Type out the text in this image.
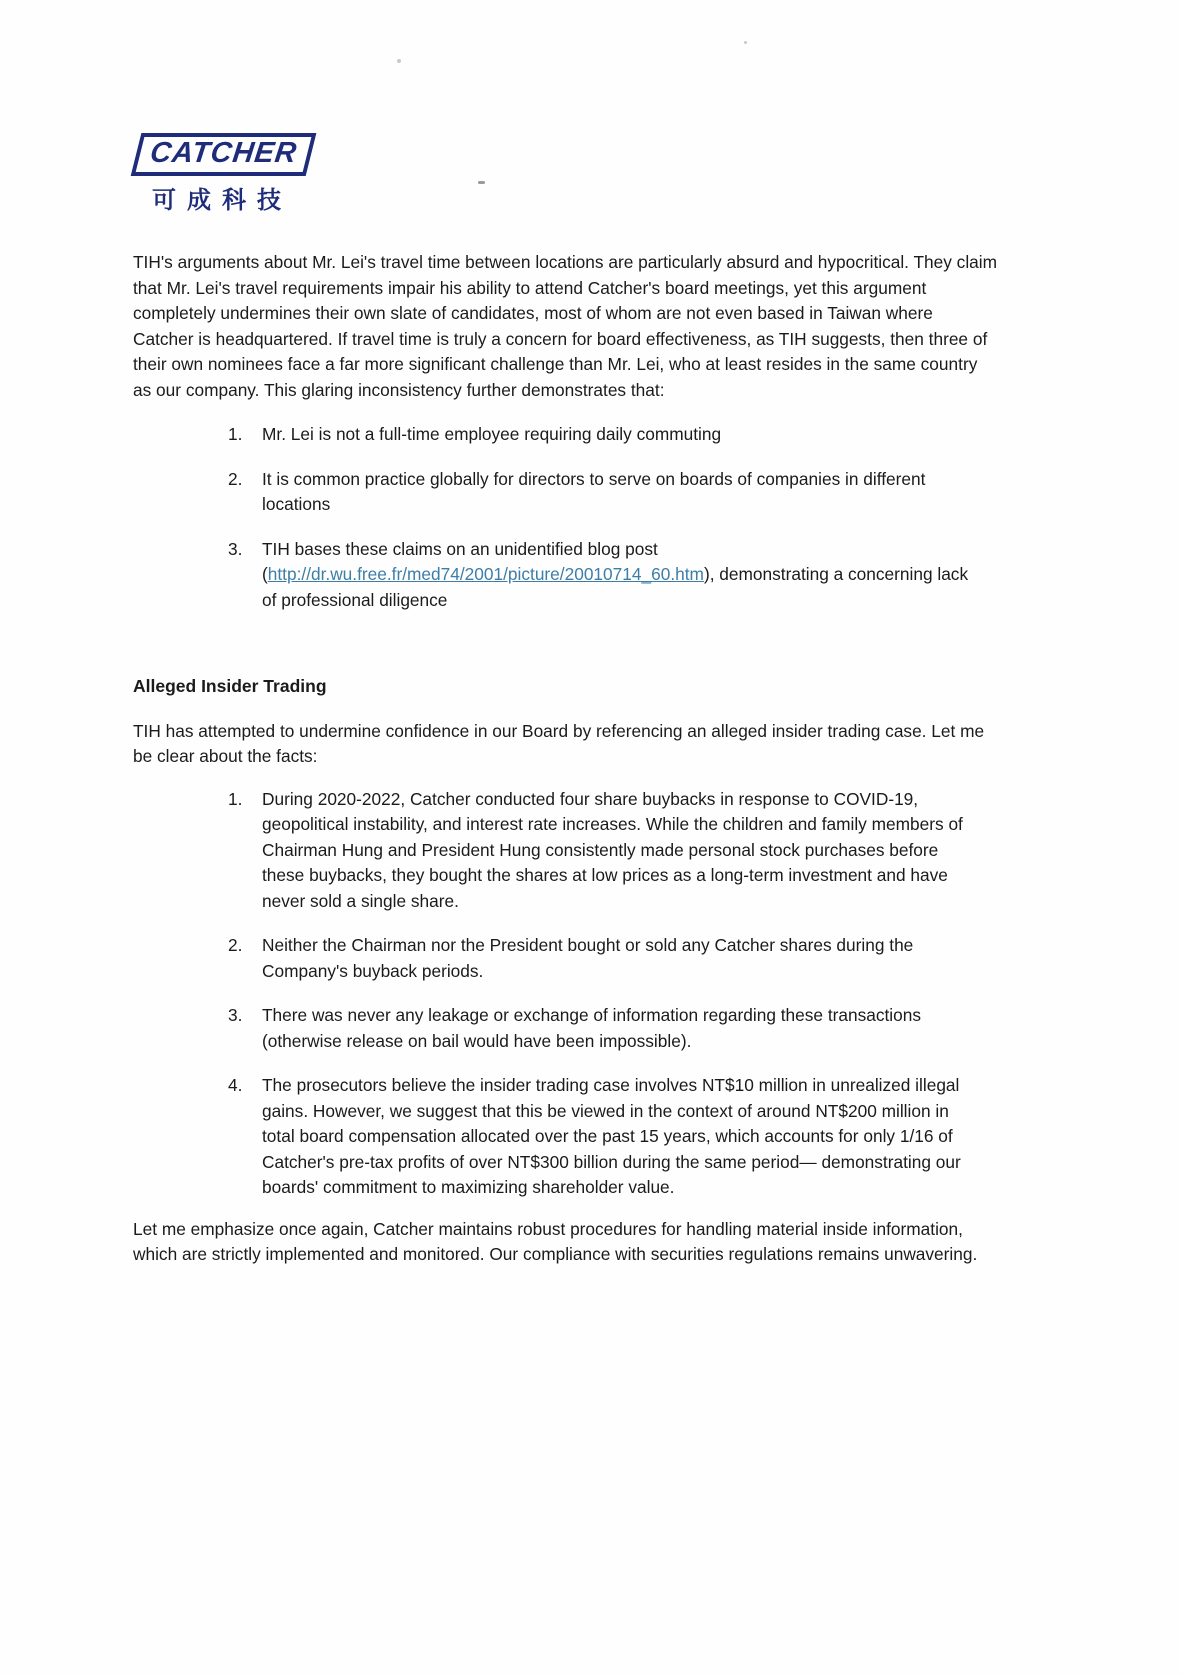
CATCHER
可成科技

TIH's arguments about Mr. Lei's travel time between locations are particularly absurd and hypocritical. They claim that Mr. Lei's travel requirements impair his ability to attend Catcher's board meetings, yet this argument completely undermines their own slate of candidates, most of whom are not even based in Taiwan where Catcher is headquartered. If travel time is truly a concern for board effectiveness, as TIH suggests, then three of their own nominees face a far more significant challenge than Mr. Lei, who at least resides in the same country as our company. This glaring inconsistency further demonstrates that:

1.	Mr. Lei is not a full-time employee requiring daily commuting
2.	It is common practice globally for directors to serve on boards of companies in different locations
3.	TIH bases these claims on an unidentified blog post (http://dr.wu.free.fr/med74/2001/picture/20010714_60.htm), demonstrating a concerning lack of professional diligence
Alleged Insider Trading

TIH has attempted to undermine confidence in our Board by referencing an alleged insider trading case. Let me be clear about the facts:

1.	During 2020-2022, Catcher conducted four share buybacks in response to COVID-19, geopolitical instability, and interest rate increases. While the children and family members of Chairman Hung and President Hung consistently made personal stock purchases before these buybacks, they bought the shares at low prices as a long-term investment and have never sold a single share.
2.	Neither the Chairman nor the President bought or sold any Catcher shares during the Company's buyback periods.
3.	There was never any leakage or exchange of information regarding these transactions (otherwise release on bail would have been impossible).
4.	The prosecutors believe the insider trading case involves NT$10 million in unrealized illegal gains. However, we suggest that this be viewed in the context of around NT$200 million in total board compensation allocated over the past 15 years, which accounts for only 1/16 of Catcher's pre-tax profits of over NT$300 billion during the same period— demonstrating our boards' commitment to maximizing shareholder value.

Let me emphasize once again, Catcher maintains robust procedures for handling material inside information, which are strictly implemented and monitored. Our compliance with securities regulations remains unwavering.
